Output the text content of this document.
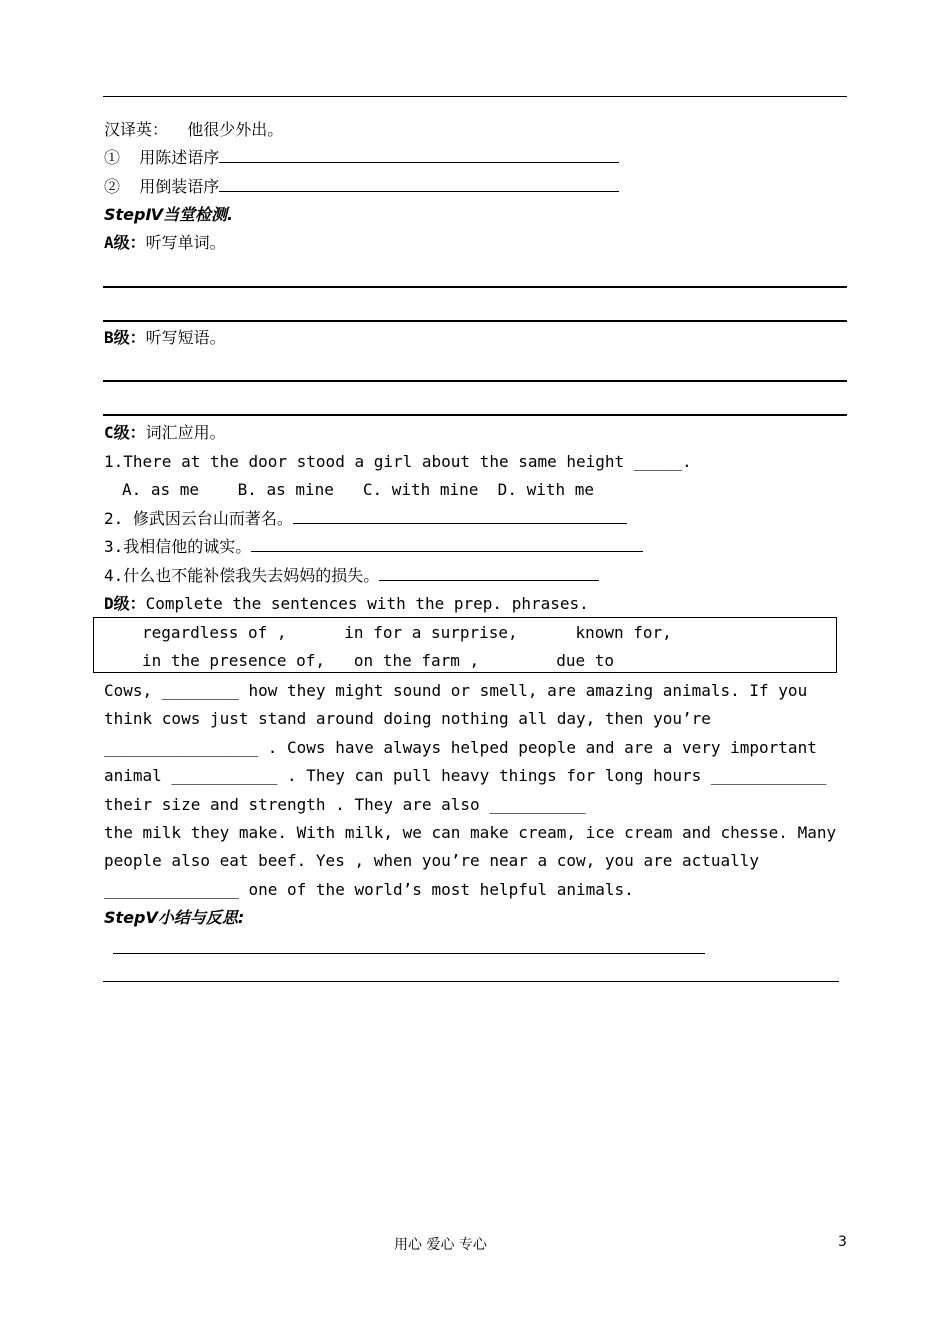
汉译英： 他很少外出。
①  用陈述语序
②  用倒装语序
StepⅣ当堂检测.
A级：听写单词。
B级：听写短语。
C级：词汇应用。
1.There at the door stood a girl about the same height _____.
A. as me    B. as mine   C. with mine  D. with me
2. 修武因云台山而著名。
3.我相信他的诚实。
4.什么也不能补偿我失去妈妈的损失。
D级：Complete the sentences with the prep. phrases.
regardless of ,      in for a surprise,      known for,
in the presence of,   on the farm ,        due to
Cows, ________ how they might sound or smell, are amazing animals. If you
think cows just stand around doing nothing all day, then you’re
________________ . Cows have always helped people and are a very important
animal ___________ . They can pull heavy things for long hours ____________
their size and strength . They are also __________
the milk they make. With milk, we can make cream, ice cream and chesse. Many
people also eat beef. Yes , when you’re near a cow, you are actually
______________ one of the world’s most helpful animals.
StepⅤ小结与反思:
用心 爱心 专心	3
